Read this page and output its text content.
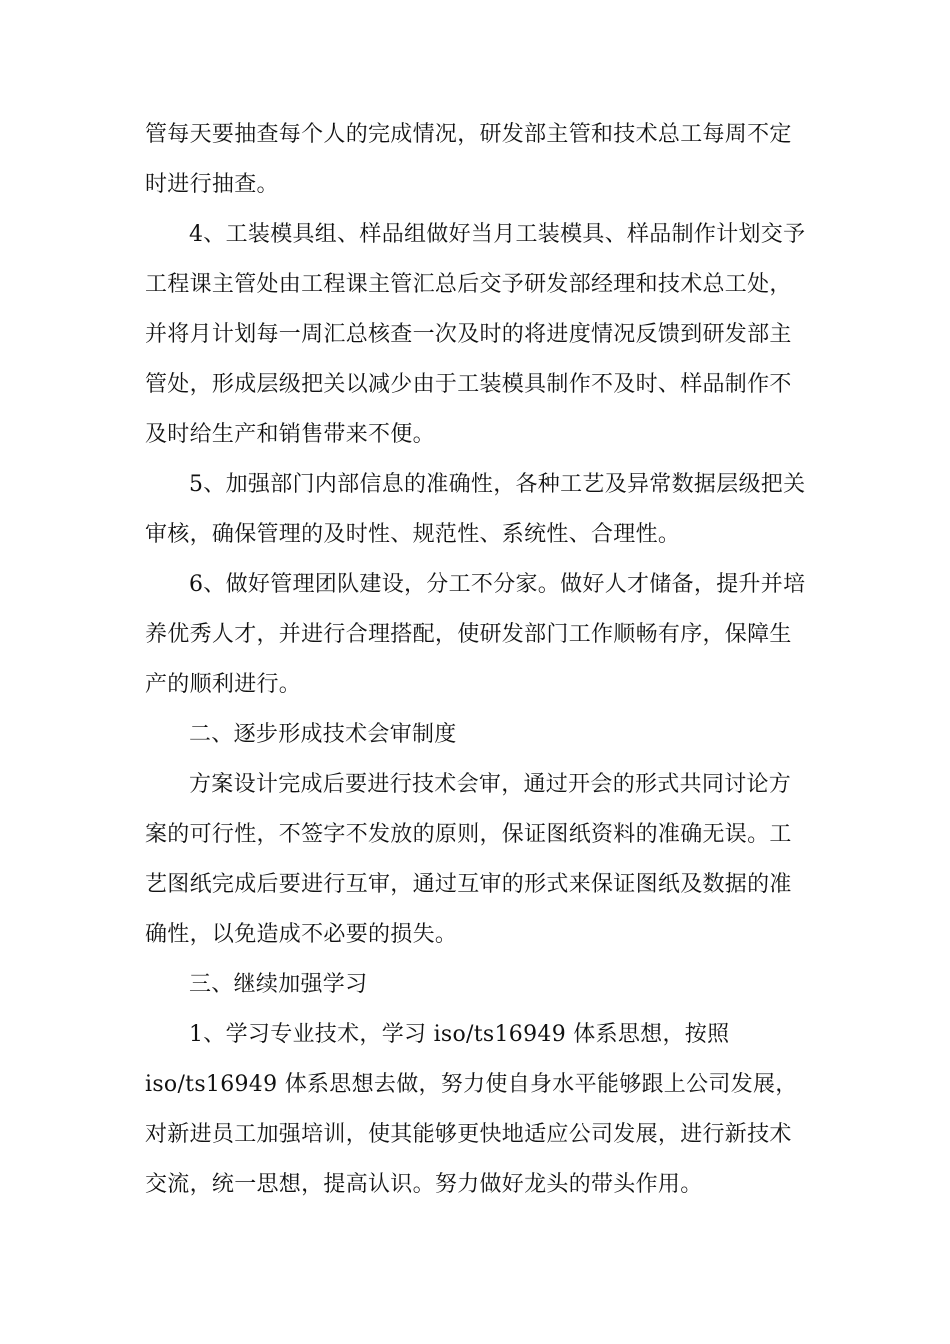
管每天要抽查每个人的完成情况，研发部主管和技术总工每周不定
时进行抽查。
4、工装模具组、样品组做好当月工装模具、样品制作计划交予
工程课主管处由工程课主管汇总后交予研发部经理和技术总工处，
并将月计划每一周汇总核查一次及时的将进度情况反馈到研发部主
管处，形成层级把关以减少由于工装模具制作不及时、样品制作不
及时给生产和销售带来不便。
5、加强部门内部信息的准确性，各种工艺及异常数据层级把关
审核，确保管理的及时性、规范性、系统性、合理性。
6、做好管理团队建设，分工不分家。做好人才储备，提升并培
养优秀人才，并进行合理搭配，使研发部门工作顺畅有序，保障生
产的顺利进行。
二、逐步形成技术会审制度
方案设计完成后要进行技术会审，通过开会的形式共同讨论方
案的可行性，不签字不发放的原则，保证图纸资料的准确无误。工
艺图纸完成后要进行互审，通过互审的形式来保证图纸及数据的准
确性，以免造成不必要的损失。
三、继续加强学习
1、学习专业技术，学习 iso/ts16949 体系思想，按照
iso/ts16949 体系思想去做，努力使自身水平能够跟上公司发展，
对新进员工加强培训，使其能够更快地适应公司发展，进行新技术
交流，统一思想，提高认识。努力做好龙头的带头作用。
